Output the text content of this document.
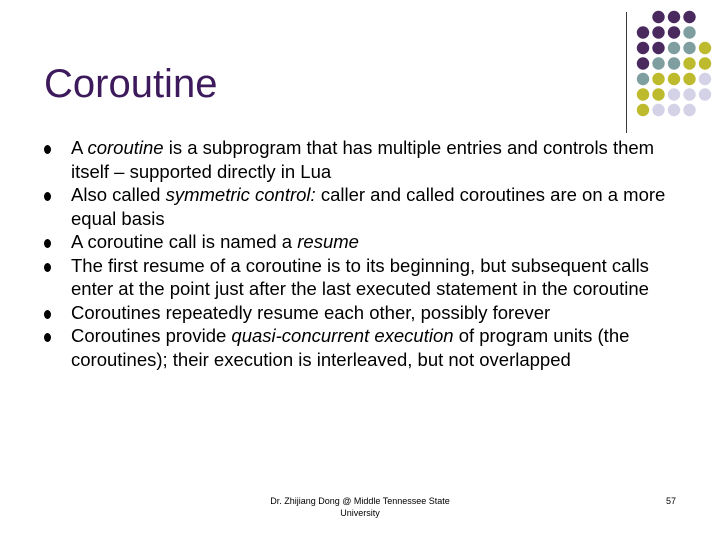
Coroutine
A coroutine is a subprogram that has multiple entries and controls them itself – supported directly in Lua
Also called symmetric control: caller and called coroutines are on a more equal basis
A coroutine call is named a resume
The first resume of a coroutine is to its beginning, but subsequent calls enter at the point just after the last executed statement in the coroutine
Coroutines repeatedly resume each other, possibly forever
Coroutines provide quasi-concurrent execution of program units (the coroutines); their execution is interleaved, but not overlapped
Dr. Zhijiang Dong @ Middle Tennessee State
University
57
